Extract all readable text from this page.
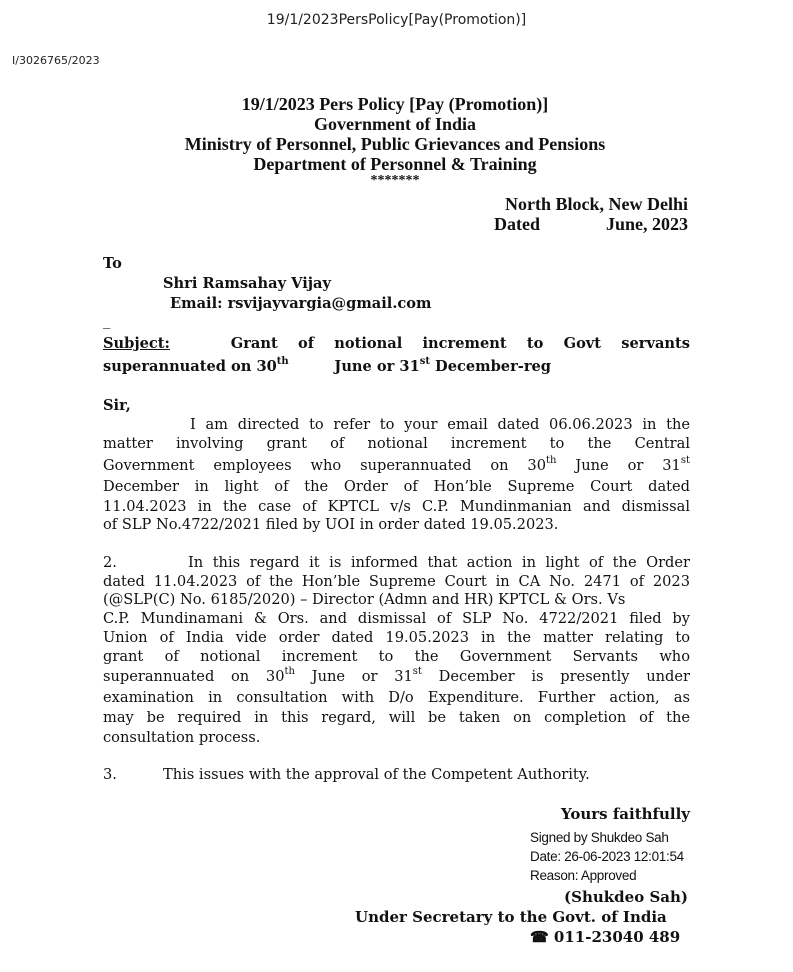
19/1/2023PersPolicy[Pay(Promotion)]
I/3026765/2023
19/1/2023 Pers Policy [Pay (Promotion)]
Government of India
Ministry of Personnel, Public Grievances and Pensions
Department of Personnel & Training
*******
North Block, New Delhi
Dated	June, 2023
To
Shri Ramsahay Vijay
Email: rsvijayvargia@gmail.com
_
Subject:	Grant of notional increment to Govt servants
superannuated on 30th         June or 31st December-reg
Sir,
I am directed to refer to your email dated 06.06.2023 in the
matter involving grant of notional increment to the Central
Government employees who superannuated on 30th June or 31st
December in light of the Order of Hon’ble Supreme Court dated
11.04.2023 in the case of KPTCL v/s C.P. Mundinmanian and dismissal
of SLP No.4722/2021 filed by UOI in order dated 19.05.2023.
2.	In this regard it is informed that action in light of the Order
dated 11.04.2023 of the Hon’ble Supreme Court in CA No. 2471 of 2023
(@SLP(C) No. 6185/2020) – Director (Admn and HR) KPTCL & Ors. Vs
C.P. Mundinamani & Ors. and dismissal of SLP No. 4722/2021 filed by
Union of India vide order dated 19.05.2023 in the matter relating to
grant of notional increment to the Government Servants who
superannuated on 30th June or 31st December is presently under
examination in consultation with D/o Expenditure. Further action, as
may be required in this regard, will be taken on completion of the
consultation process.
3.	This issues with the approval of the Competent Authority.
Yours faithfully
Signed by Shukdeo Sah
Date: 26-06-2023 12:01:54
Reason: Approved
(Shukdeo Sah)
Under Secretary to the Govt. of India
☎ 011-23040 489
